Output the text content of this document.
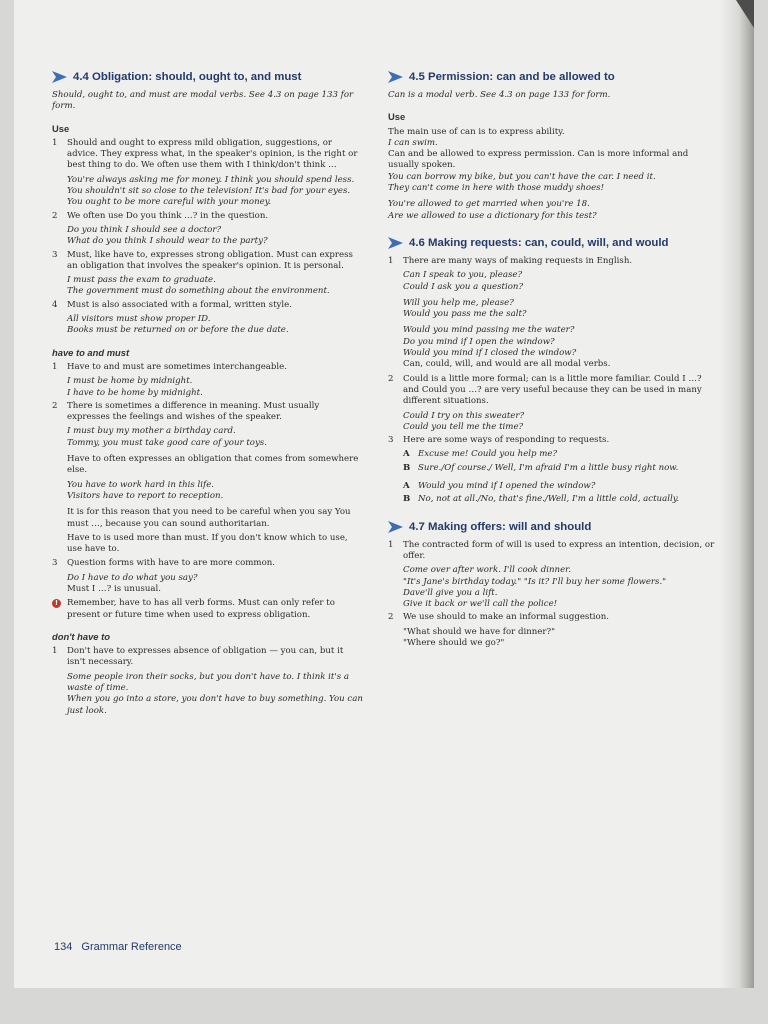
4.4 Obligation: should, ought to, and must

Should, ought to, and must are modal verbs. See 4.3 on page 133 for form.

Use
1 Should and ought to express mild obligation, suggestions, or advice. They express what, in the speaker's opinion, is the right or best thing to do. We often use them with I think/don't think …

You're always asking me for money. I think you should spend less.
You shouldn't sit so close to the television! It's bad for your eyes.
You ought to be more careful with your money.
2 We often use Do you think …? in the question.

Do you think I should see a doctor?
What do you think I should wear to the party?
3 Must, like have to, expresses strong obligation. Must can express an obligation that involves the speaker's opinion. It is personal.

I must pass the exam to graduate.
The government must do something about the environment.
4 Must is also associated with a formal, written style.

All visitors must show proper ID.
Books must be returned on or before the due date.
have to and must
1 Have to and must are sometimes interchangeable.

I must be home by midnight.
I have to be home by midnight.
2 There is sometimes a difference in meaning. Must usually expresses the feelings and wishes of the speaker.

I must buy my mother a birthday card.
Tommy, you must take good care of your toys.

Have to often expresses an obligation that comes from somewhere else.

You have to work hard in this life.
Visitors have to report to reception.

It is for this reason that you need to be careful when you say You must …, because you can sound authoritarian.

Have to is used more than must. If you don't know which to use, use have to.

3 Question forms with have to are more common.

Do I have to do what you say?

Must I …? is unusual.

!	Remember, have to has all verb forms. Must can only refer to present or future time when used to express obligation.
don't have to
1 Don't have to expresses absence of obligation — you can, but it isn't necessary.

Some people iron their socks, but you don't have to. I think it's a waste of time.
When you go into a store, you don't have to buy something. You can just look.
4.5 Permission: can and be allowed to

Can is a modal verb. See 4.3 on page 133 for form.

Use
The main use of can is to express ability.
I can swim.
Can and be allowed to express permission. Can is more informal and usually spoken.
You can borrow my bike, but you can't have the car. I need it.
They can't come in here with those muddy shoes!
You're allowed to get married when you're 18.
Are we allowed to use a dictionary for this test?
4.6 Making requests: can, could, will, and would
1 There are many ways of making requests in English.

Can I speak to you, please?
Could I ask you a question?
Will you help me, please?
Would you pass me the salt?
Would you mind passing me the water?
Do you mind if I open the window?
Would you mind if I closed the window?

Can, could, will, and would are all modal verbs.

2 Could is a little more formal; can is a little more familiar. Could I …? and Could you …? are very useful because they can be used in many different situations.

Could I try on this sweater?
Could you tell me the time?
3 Here are some ways of responding to requests.

A Excuse me! Could you help me?
B Sure./Of course./ Well, I'm afraid I'm a little busy right now.
A Would you mind if I opened the window?
B No, not at all./No, that's fine./Well, I'm a little cold, actually.
4.7 Making offers: will and should
1 The contracted form of will is used to express an intention, decision, or offer.

Come over after work. I'll cook dinner.
"It's Jane's birthday today." "Is it? I'll buy her some flowers."
Dave'll give you a lift.
Give it back or we'll call the police!
2 We use should to make an informal suggestion.

"What should we have for dinner?"
"Where should we go?"
134 Grammar Reference
